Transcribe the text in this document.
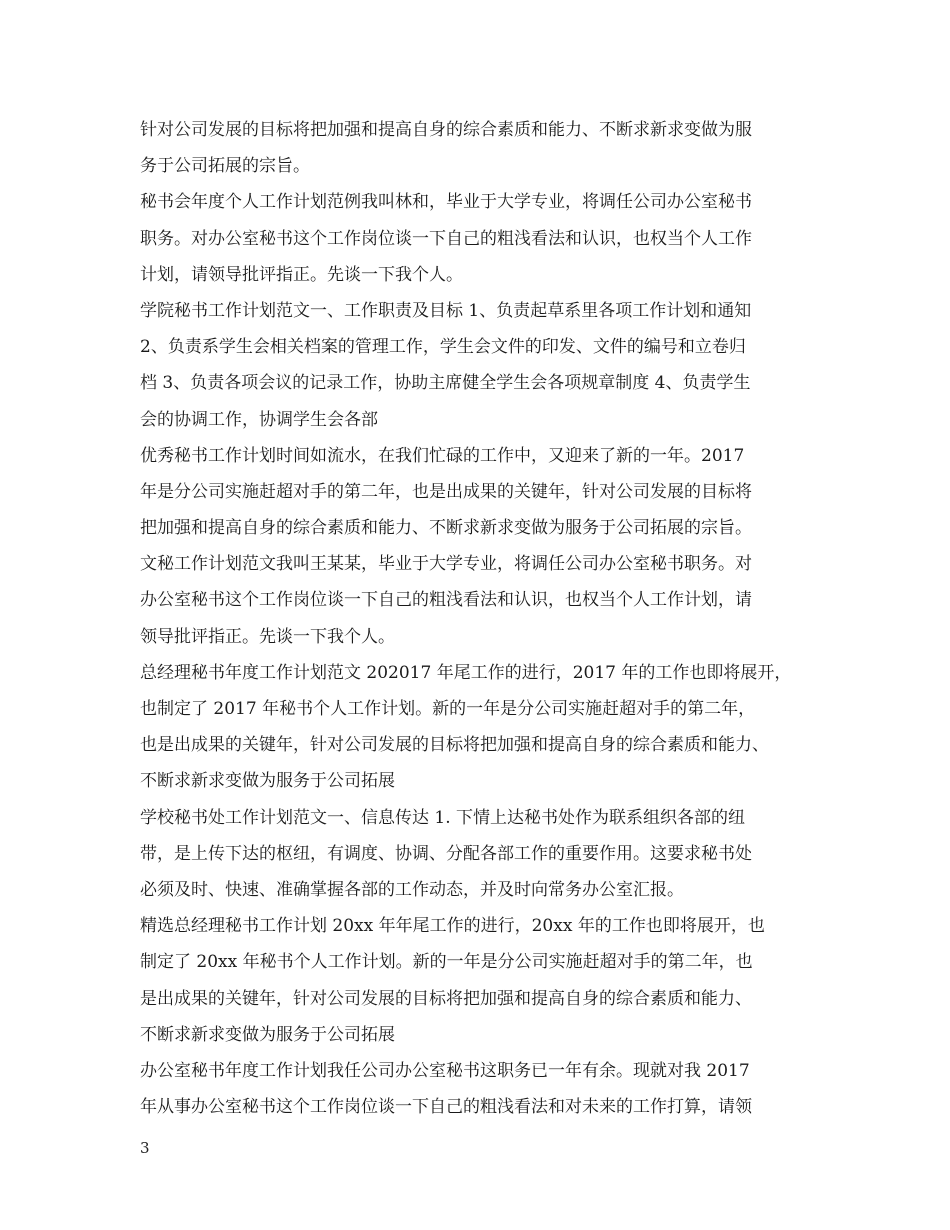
针对公司发展的目标将把加强和提高自身的综合素质和能力、不断求新求变做为服
务于公司拓展的宗旨。
秘书会年度个人工作计划范例我叫林和，毕业于大学专业，将调任公司办公室秘书
职务。对办公室秘书这个工作岗位谈一下自己的粗浅看法和认识，也权当个人工作
计划，请领导批评指正。先谈一下我个人。
学院秘书工作计划范文一、工作职责及目标 1、负责起草系里各项工作计划和通知
2、负责系学生会相关档案的管理工作，学生会文件的印发、文件的编号和立卷归
档 3、负责各项会议的记录工作，协助主席健全学生会各项规章制度 4、负责学生
会的协调工作，协调学生会各部
优秀秘书工作计划时间如流水，在我们忙碌的工作中，又迎来了新的一年。2017
年是分公司实施赶超对手的第二年，也是出成果的关键年，针对公司发展的目标将
把加强和提高自身的综合素质和能力、不断求新求变做为服务于公司拓展的宗旨。
文秘工作计划范文我叫王某某，毕业于大学专业，将调任公司办公室秘书职务。对
办公室秘书这个工作岗位谈一下自己的粗浅看法和认识，也权当个人工作计划，请
领导批评指正。先谈一下我个人。
总经理秘书年度工作计划范文 202017 年尾工作的进行，2017 年的工作也即将展开，
也制定了 2017 年秘书个人工作计划。新的一年是分公司实施赶超对手的第二年，
也是出成果的关键年，针对公司发展的目标将把加强和提高自身的综合素质和能力、
不断求新求变做为服务于公司拓展
学校秘书处工作计划范文一、信息传达 1. 下情上达秘书处作为联系组织各部的纽
带，是上传下达的枢纽，有调度、协调、分配各部工作的重要作用。这要求秘书处
必须及时、快速、准确掌握各部的工作动态，并及时向常务办公室汇报。
精选总经理秘书工作计划 20xx 年年尾工作的进行，20xx 年的工作也即将展开，也
制定了 20xx 年秘书个人工作计划。新的一年是分公司实施赶超对手的第二年，也
是出成果的关键年，针对公司发展的目标将把加强和提高自身的综合素质和能力、
不断求新求变做为服务于公司拓展
办公室秘书年度工作计划我任公司办公室秘书这职务已一年有余。现就对我 2017
年从事办公室秘书这个工作岗位谈一下自己的粗浅看法和对未来的工作打算，请领
3
